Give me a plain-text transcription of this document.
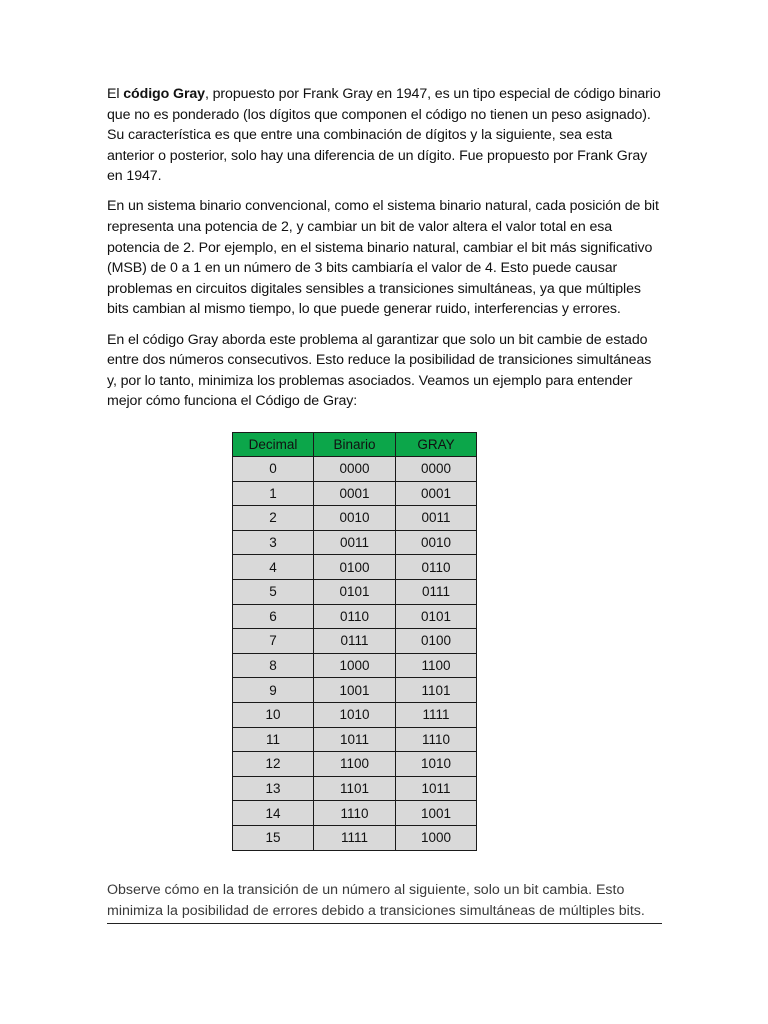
El código Gray, propuesto por Frank Gray en 1947, es un tipo especial de código binario que no es ponderado (los dígitos que componen el código no tienen un peso asignado). Su característica es que entre una combinación de dígitos y la siguiente, sea esta anterior o posterior, solo hay una diferencia de un dígito. Fue propuesto por Frank Gray en 1947.

En un sistema binario convencional, como el sistema binario natural, cada posición de bit representa una potencia de 2, y cambiar un bit de valor altera el valor total en esa potencia de 2. Por ejemplo, en el sistema binario natural, cambiar el bit más significativo (MSB) de 0 a 1 en un número de 3 bits cambiaría el valor de 4. Esto puede causar problemas en circuitos digitales sensibles a transiciones simultáneas, ya que múltiples bits cambian al mismo tiempo, lo que puede generar ruido, interferencias y errores.

En el código Gray aborda este problema al garantizar que solo un bit cambie de estado entre dos números consecutivos. Esto reduce la posibilidad de transiciones simultáneas y, por lo tanto, minimiza los problemas asociados. Veamos un ejemplo para entender mejor cómo funciona el Código de Gray:

Decimal	Binario	GRAY
0	0000	0000
1	0001	0001
2	0010	0011
3	0011	0010
4	0100	0110
5	0101	0111
6	0110	0101
7	0111	0100
8	1000	1100
9	1001	1101
10	1010	1111
11	1011	1110
12	1100	1010
13	1101	1011
14	1110	1001
15	1111	1000
Observe cómo en la transición de un número al siguiente, solo un bit cambia. Esto
minimiza la posibilidad de errores debido a transiciones simultáneas de múltiples bits.
